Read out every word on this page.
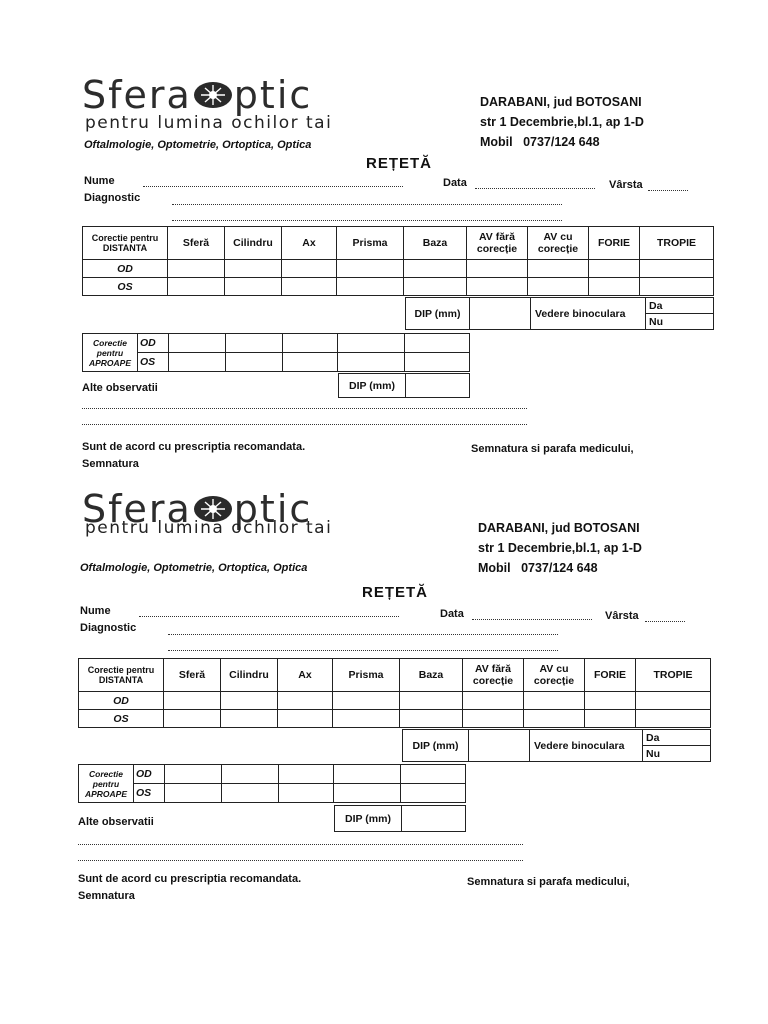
Sfera ptic
pentru lumina ochilor tai
Oftalmologie, Optometrie, Ortoptica, Optica
DARABANI, jud BOTOSANI
str 1 Decembrie,bl.1, ap 1-D
Mobil 0737/124 648
REȚETĂ
Nume	Data	Vârsta
Diagnostic
Corectie pentru
DISTANTA	Sferă	Cilindru	Ax	Prisma	Baza	AV fără corecție	AV cu corecție	FORIE	TROPIE
OD									
OS									
DIP (mm)	Vedere binoculara
Da
Nu
Corectie
pentru
APROAPE	OD					
	OS					
Alte observatii	DIP (mm)
Sunt de acord cu prescriptia recomandata.	Semnatura si parafa medicului,
Semnatura
Sfera ptic
pentru lumina ochilor tai
Oftalmologie, Optometrie, Ortoptica, Optica
DARABANI, jud BOTOSANI
str 1 Decembrie,bl.1, ap 1-D
Mobil 0737/124 648
REȚETĂ
Nume	Data	Vârsta
Diagnostic
Corectie pentru
DISTANTA	Sferă	Cilindru	Ax	Prisma	Baza	AV fără corecție	AV cu corecție	FORIE	TROPIE
OD									
OS									
DIP (mm)	Vedere binoculara
Da
Nu
Corectie
pentru
APROAPE	OD					
	OS					
Alte observatii	DIP (mm)
Sunt de acord cu prescriptia recomandata.	Semnatura si parafa medicului,
Semnatura
